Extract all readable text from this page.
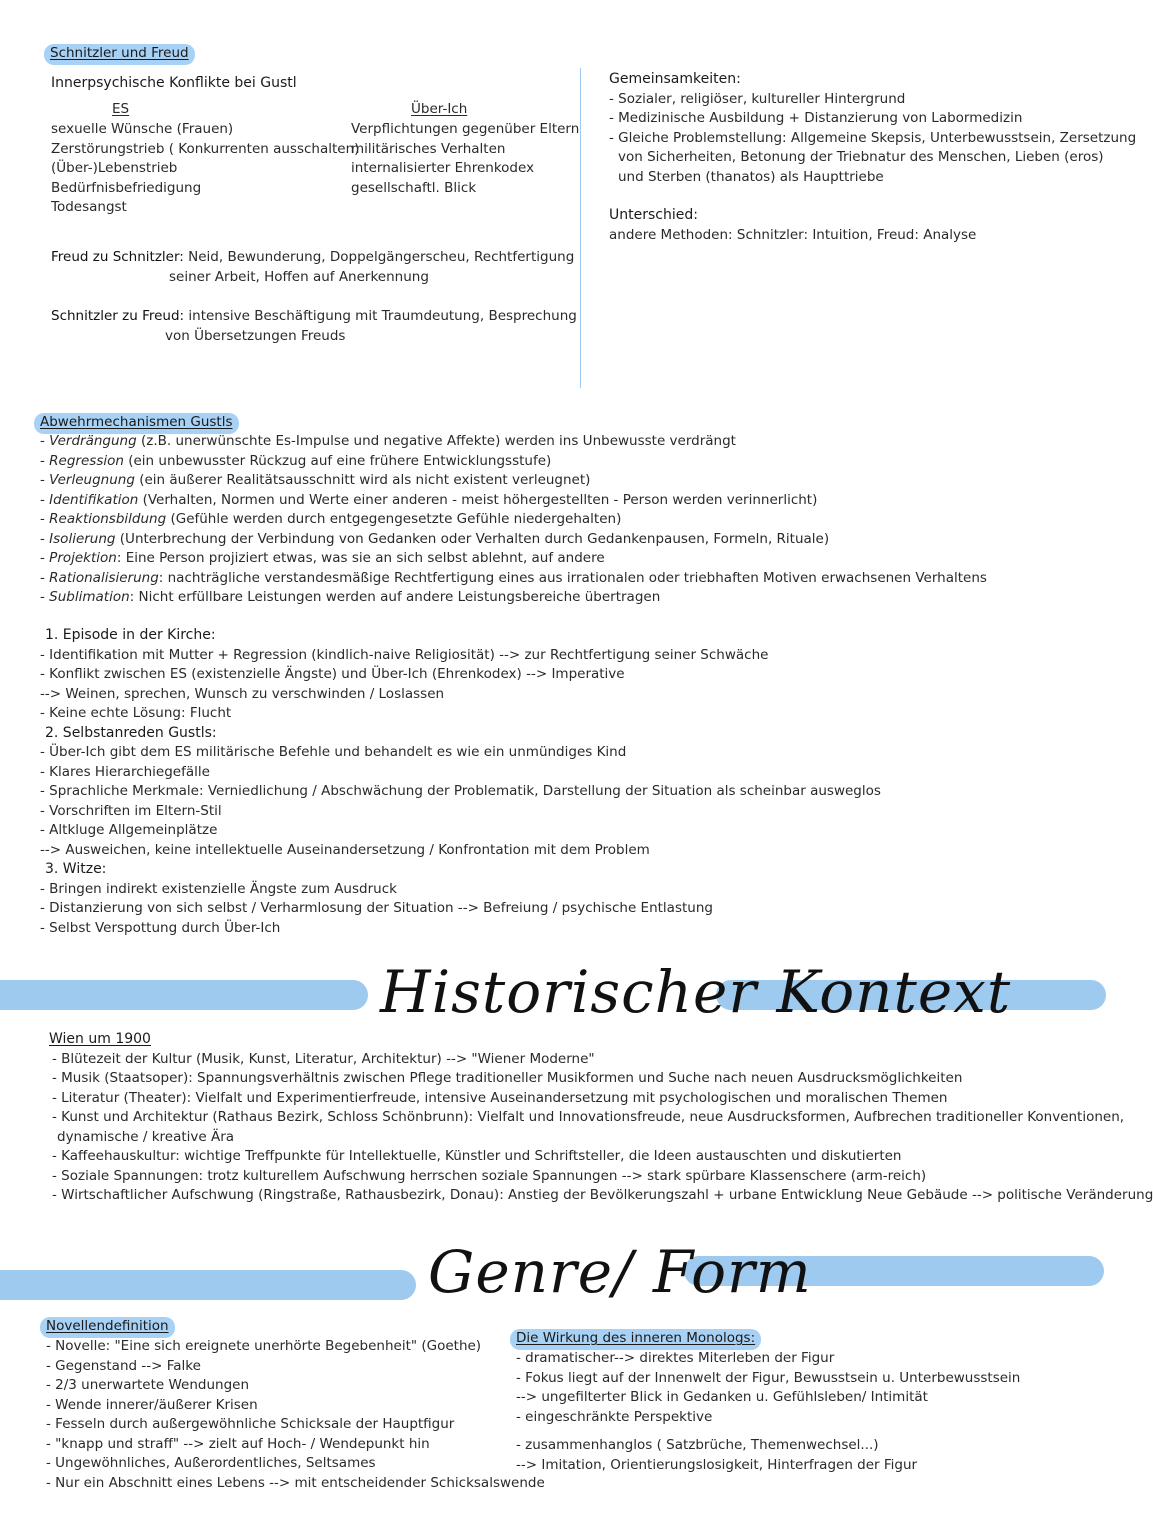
Schnitzler und Freud
Innerpsychische Konflikte bei Gustl
ES	Über-Ich
sexuelle Wünsche (Frauen)
Zerstörungstrieb ( Konkurrenten ausschalten)
(Über-)Lebenstrieb
Bedürfnisbefriedigung
Todesangst
Verpflichtungen gegenüber Eltern
militärisches Verhalten
internalisierter Ehrenkodex
gesellschaftl. Blick
Freud zu Schnitzler: Neid, Bewunderung, Doppelgängerscheu, Rechtfertigung
seiner Arbeit, Hoffen auf Anerkennung
Schnitzler zu Freud: intensive Beschäftigung mit Traumdeutung, Besprechung
von Übersetzungen Freuds
Gemeinsamkeiten:
- Sozialer, religiöser, kultureller Hintergrund
- Medizinische Ausbildung + Distanzierung von Labormedizin
- Gleiche Problemstellung: Allgemeine Skepsis, Unterbewusstsein, Zersetzung
von Sicherheiten, Betonung der Triebnatur des Menschen, Lieben (eros)
und Sterben (thanatos) als Haupttriebe
Unterschied:
andere Methoden: Schnitzler: Intuition, Freud: Analyse
Abwehrmechanismen Gustls
- Verdrängung (z.B. unerwünschte Es-Impulse und negative Affekte) werden ins Unbewusste verdrängt
- Regression (ein unbewusster Rückzug auf eine frühere Entwicklungsstufe)
- Verleugnung (ein äußerer Realitätsausschnitt wird als nicht existent verleugnet)
- Identifikation (Verhalten, Normen und Werte einer anderen - meist höhergestellten - Person werden verinnerlicht)
- Reaktionsbildung (Gefühle werden durch entgegengesetzte Gefühle niedergehalten)
- Isolierung (Unterbrechung der Verbindung von Gedanken oder Verhalten durch Gedankenpausen, Formeln, Rituale)
- Projektion: Eine Person projiziert etwas, was sie an sich selbst ablehnt, auf andere
- Rationalisierung: nachträgliche verstandesmäßige Rechtfertigung eines aus irrationalen oder triebhaften Motiven erwachsenen Verhaltens
- Sublimation: Nicht erfüllbare Leistungen werden auf andere Leistungsbereiche übertragen
1. Episode in der Kirche:
- Identifikation mit Mutter + Regression (kindlich-naive Religiosität) --> zur Rechtfertigung seiner Schwäche
- Konflikt zwischen ES (existenzielle Ängste) und Über-Ich (Ehrenkodex) --> Imperative
--> Weinen, sprechen, Wunsch zu verschwinden / Loslassen
- Keine echte Lösung: Flucht
2. Selbstanreden Gustls:
- Über-Ich gibt dem ES militärische Befehle und behandelt es wie ein unmündiges Kind
- Klares Hierarchiegefälle
- Sprachliche Merkmale: Verniedlichung / Abschwächung der Problematik, Darstellung der Situation als scheinbar ausweglos
- Vorschriften im Eltern-Stil
- Altkluge Allgemeinplätze
--> Ausweichen, keine intellektuelle Auseinandersetzung / Konfrontation mit dem Problem
3. Witze:
- Bringen indirekt existenzielle Ängste zum Ausdruck
- Distanzierung von sich selbst / Verharmlosung der Situation --> Befreiung / psychische Entlastung
- Selbst Verspottung durch Über-Ich
Historischer Kontext
Wien um 1900
- Blütezeit der Kultur (Musik, Kunst, Literatur, Architektur) --> "Wiener Moderne"
- Musik (Staatsoper): Spannungsverhältnis zwischen Pflege traditioneller Musikformen und Suche nach neuen Ausdrucksmöglichkeiten
- Literatur (Theater): Vielfalt und Experimentierfreude, intensive Auseinandersetzung mit psychologischen und moralischen Themen
- Kunst und Architektur (Rathaus Bezirk, Schloss Schönbrunn): Vielfalt und Innovationsfreude, neue Ausdrucksformen, Aufbrechen traditioneller Konventionen,
dynamische / kreative Ära
- Kaffeehauskultur: wichtige Treffpunkte für Intellektuelle, Künstler und Schriftsteller, die Ideen austauschten und diskutierten
- Soziale Spannungen: trotz kulturellem Aufschwung herrschen soziale Spannungen --> stark spürbare Klassenschere (arm-reich)
- Wirtschaftlicher Aufschwung (Ringstraße, Rathausbezirk, Donau): Anstieg der Bevölkerungszahl + urbane Entwicklung Neue Gebäude --> politische Veränderung
Genre/ Form
Novellendefinition
- Novelle: "Eine sich ereignete unerhörte Begebenheit" (Goethe)
- Gegenstand --> Falke
- 2/3 unerwartete Wendungen
- Wende innerer/äußerer Krisen
- Fesseln durch außergewöhnliche Schicksale der Hauptfigur
- "knapp und straff" --> zielt auf Hoch- / Wendepunkt hin
- Ungewöhnliches, Außerordentliches, Seltsames
- Nur ein Abschnitt eines Lebens --> mit entscheidender Schicksalswende
Die Wirkung des inneren Monologs:
- dramatischer--> direktes Miterleben der Figur
- Fokus liegt auf der Innenwelt der Figur, Bewusstsein u. Unterbewusstsein
--> ungefilterter Blick in Gedanken u. Gefühlsleben/ Intimität
- eingeschränkte Perspektive
- zusammenhanglos ( Satzbrüche, Themenwechsel...)
--> Imitation, Orientierungslosigkeit, Hinterfragen der Figur
